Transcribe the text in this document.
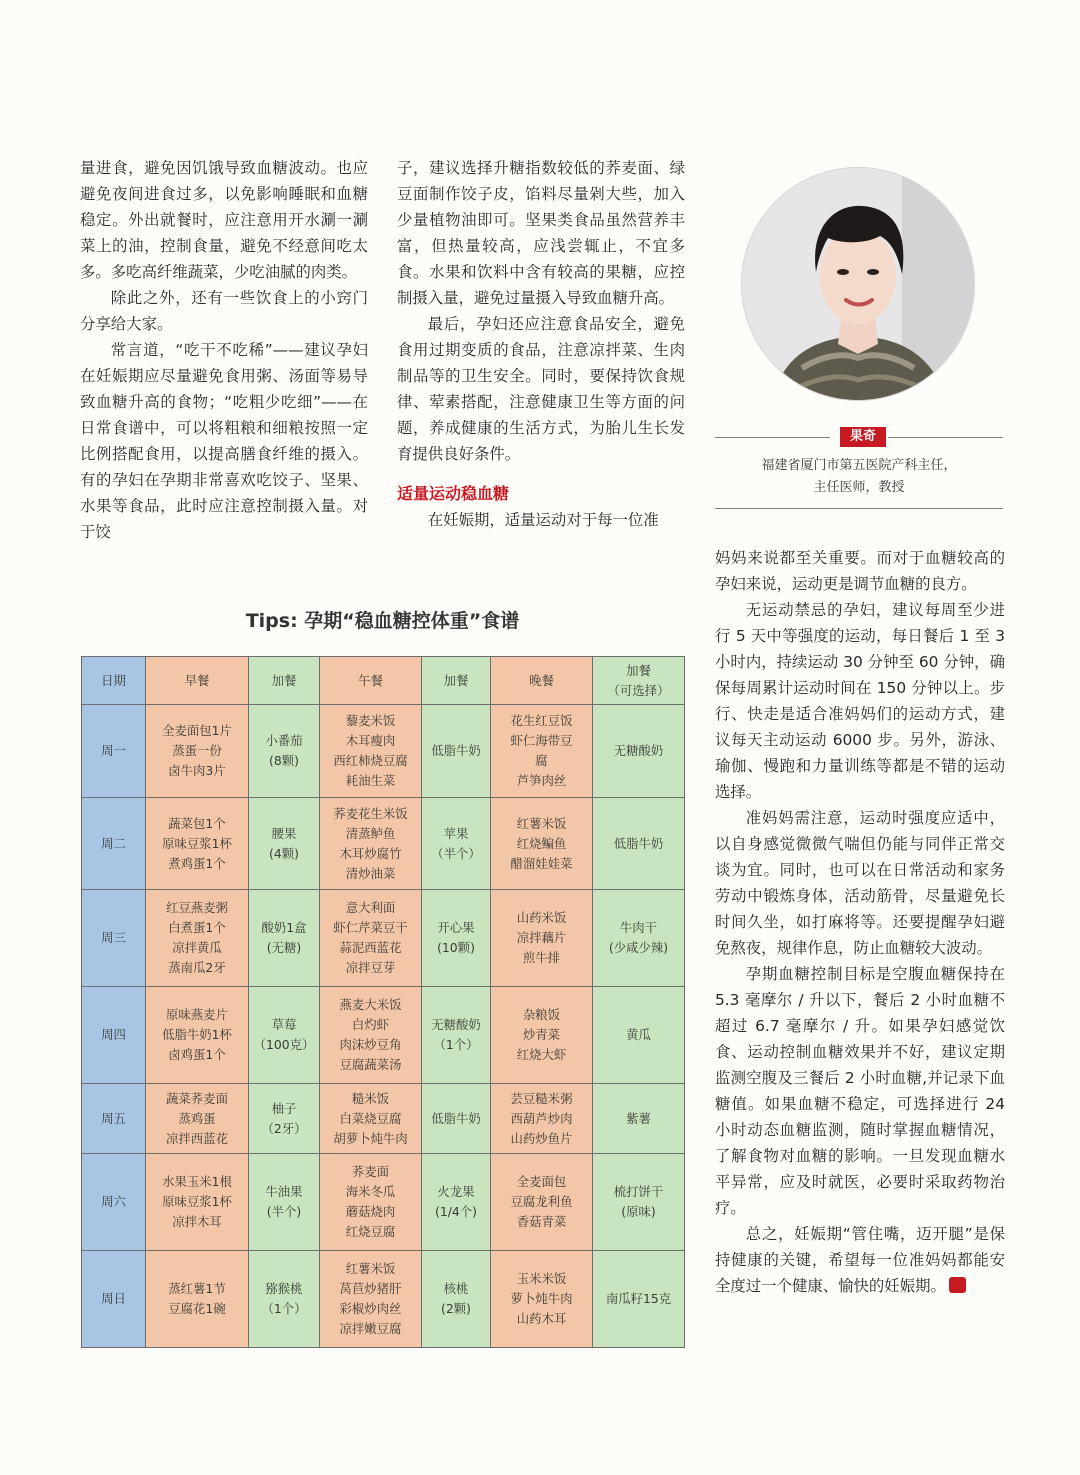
量进食，避免因饥饿导致血糖波动。也应避免夜间进食过多，以免影响睡眠和血糖稳定。外出就餐时，应注意用开水涮一涮菜上的油，控制食量，避免不经意间吃太多。多吃高纤维蔬菜，少吃油腻的肉类。

除此之外，还有一些饮食上的小窍门分享给大家。

常言道，“吃干不吃稀”——建议孕妇在妊娠期应尽量避免食用粥、汤面等易导致血糖升高的食物；“吃粗少吃细”——在日常食谱中，可以将粗粮和细粮按照一定比例搭配食用，以提高膳食纤维的摄入。有的孕妇在孕期非常喜欢吃饺子、坚果、水果等食品，此时应注意控制摄入量。对于饺

子，建议选择升糖指数较低的荞麦面、绿豆面制作饺子皮，馅料尽量剁大些，加入少量植物油即可。坚果类食品虽然营养丰富，但热量较高，应浅尝辄止，不宜多食。水果和饮料中含有较高的果糖，应控制摄入量，避免过量摄入导致血糖升高。

最后，孕妇还应注意食品安全，避免食用过期变质的食品，注意凉拌菜、生肉制品等的卫生安全。同时，要保持饮食规律、荤素搭配，注意健康卫生等方面的问题，养成健康的生活方式，为胎儿生长发育提供良好条件。

适量运动稳血糖

在妊娠期，适量运动对于每一位准

果奇
福建省厦门市第五医院产科主任，
主任医师，教授

妈妈来说都至关重要。而对于血糖较高的孕妇来说，运动更是调节血糖的良方。

无运动禁忌的孕妇，建议每周至少进行 5 天中等强度的运动，每日餐后 1 至 3 小时内，持续运动 30 分钟至 60 分钟，确保每周累计运动时间在 150 分钟以上。步行、快走是适合准妈妈们的运动方式，建议每天主动运动 6000 步。另外，游泳、瑜伽、慢跑和力量训练等都是不错的运动选择。

准妈妈需注意，运动时强度应适中，以自身感觉微微气喘但仍能与同伴正常交谈为宜。同时，也可以在日常活动和家务劳动中锻炼身体，活动筋骨，尽量避免长时间久坐，如打麻将等。还要提醒孕妇避免熬夜，规律作息，防止血糖较大波动。

孕期血糖控制目标是空腹血糖保持在 5.3 毫摩尔 / 升以下，餐后 2 小时血糖不超过 6.7 毫摩尔 / 升。如果孕妇感觉饮食、运动控制血糖效果并不好，建议定期监测空腹及三餐后 2 小时血糖,并记录下血糖值。如果血糖不稳定，可选择进行 24 小时动态血糖监测，随时掌握血糖情况，了解食物对血糖的影响。一旦发现血糖水平异常，应及时就医，必要时采取药物治疗。

总之，妊娠期“管住嘴，迈开腿”是保持健康的关键，希望每一位准妈妈都能安全度过一个健康、愉快的妊娠期。

Tips: 孕期“稳血糖控体重”食谱
日期	早餐	加餐	午餐	加餐	晚餐	加餐
（可选择）
周一	全麦面包1片
蒸蛋一份
卤牛肉3片	小番茄
(8颗)	藜麦米饭
木耳瘦肉
西红柿烧豆腐
耗油生菜	低脂牛奶	花生红豆饭
虾仁海带豆
腐
芦笋肉丝	无糖酸奶
周二	蔬菜包1个
原味豆浆1杯
煮鸡蛋1个	腰果
(4颗)	荞麦花生米饭
清蒸鲈鱼
木耳炒腐竹
清炒油菜	苹果
（半个）	红薯米饭
红烧鳊鱼
醋溜娃娃菜	低脂牛奶
周三	红豆燕麦粥
白煮蛋1个
凉拌黄瓜
蒸南瓜2牙	酸奶1盒
(无糖)	意大利面
虾仁芹菜豆干
蒜泥西蓝花
凉拌豆芽	开心果
(10颗)	山药米饭
凉拌藕片
煎牛排	牛肉干
(少咸少辣)
周四	原味燕麦片
低脂牛奶1杯
卤鸡蛋1个	草莓
（100克）	燕麦大米饭
白灼虾
肉沫炒豆角
豆腐蔬菜汤	无糖酸奶
（1个）	杂粮饭
炒青菜
红烧大虾	黄瓜
周五	蔬菜荞麦面
蒸鸡蛋
凉拌西蓝花	柚子
（2牙）	糙米饭
白菜烧豆腐
胡萝卜炖牛肉	低脂牛奶	芸豆糙米粥
西葫芦炒肉
山药炒鱼片	紫薯
周六	水果玉米1根
原味豆浆1杯
凉拌木耳	牛油果
(半个)	荞麦面
海米冬瓜
蘑菇烧肉
红烧豆腐	火龙果
(1/4个)	全麦面包
豆腐龙利鱼
香菇青菜	梳打饼干
(原味)
周日	蒸红薯1节
豆腐花1碗	猕猴桃
（1个）	红薯米饭
莴苣炒猪肝
彩椒炒肉丝
凉拌嫩豆腐	核桃
(2颗)	玉米米饭
萝卜炖牛肉
山药木耳	南瓜籽15克
